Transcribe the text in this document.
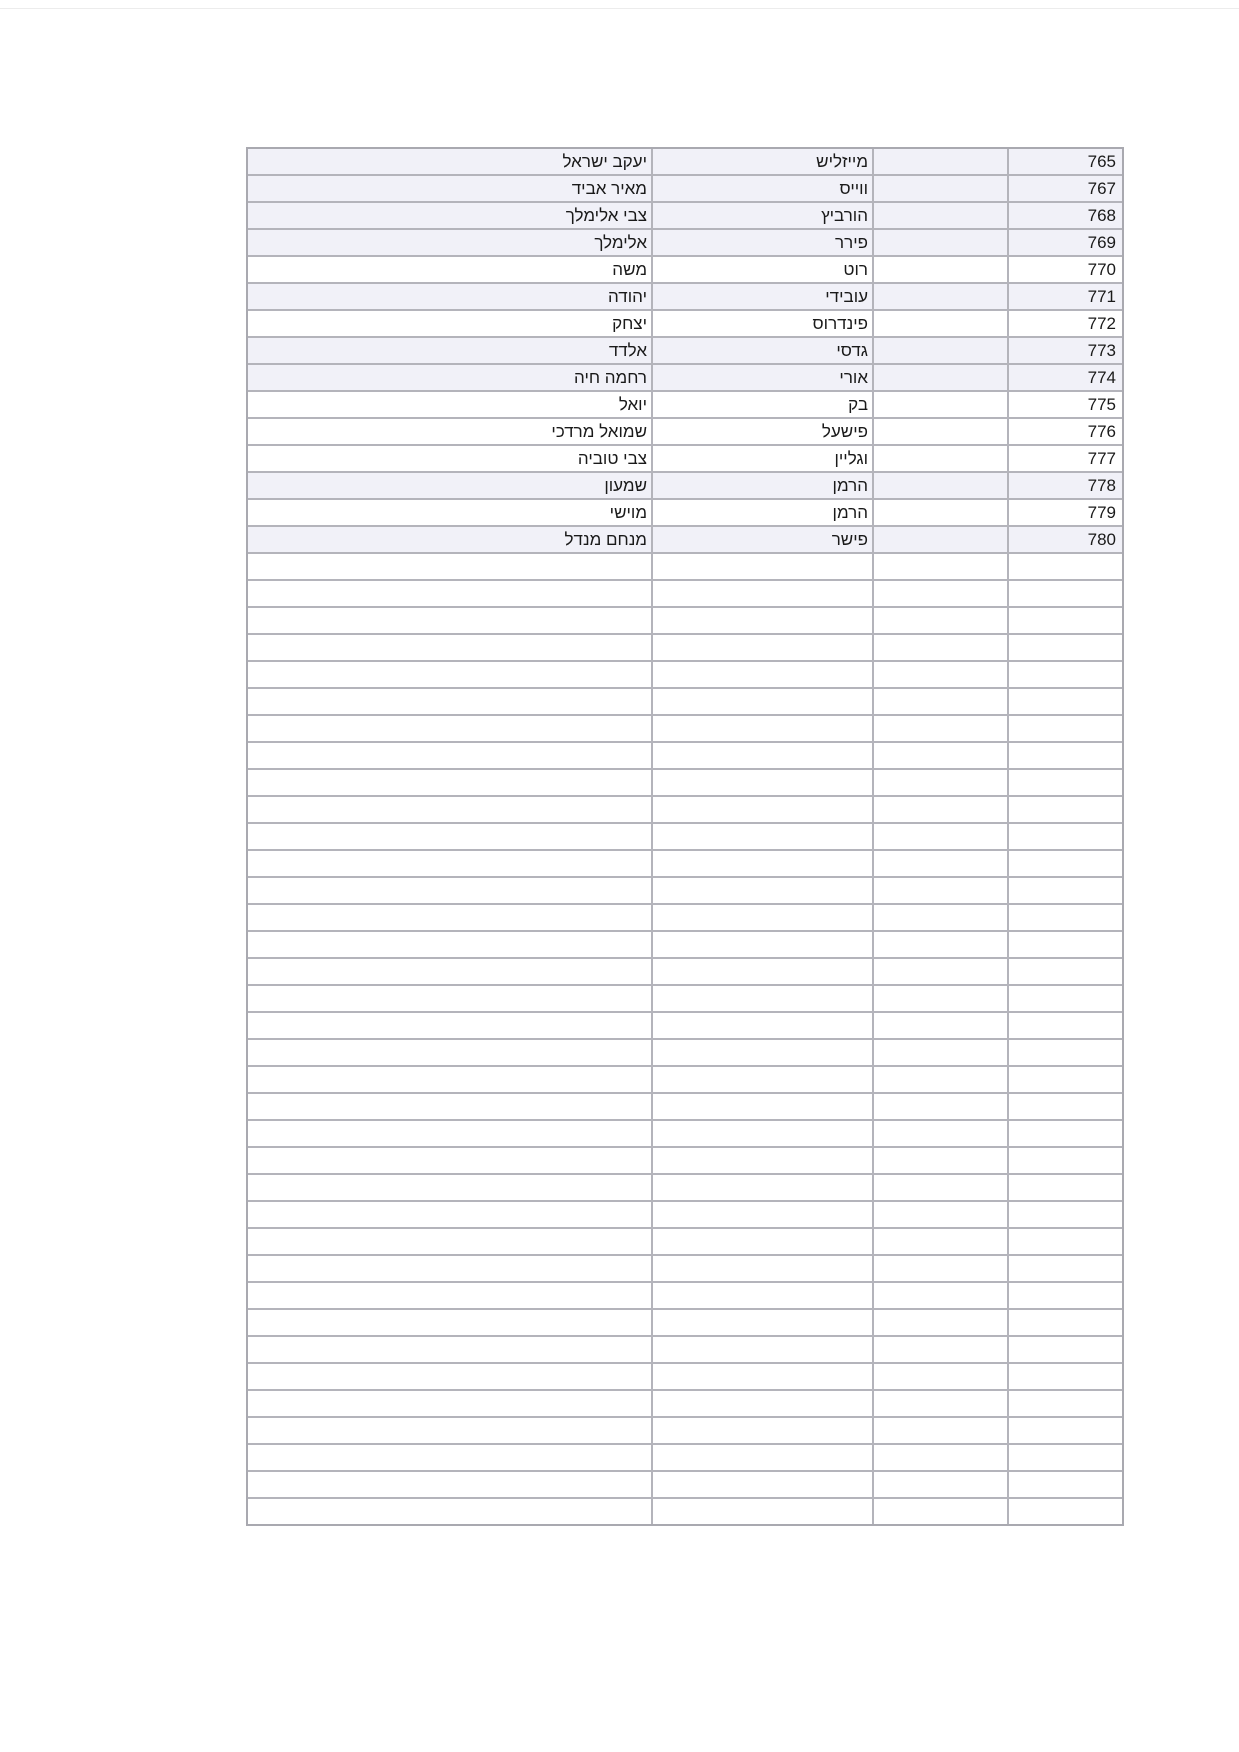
765		מייזליש	יעקב ישראל
767		ווייס	מאיר אביד
768		הורביץ	צבי אלימלך
769		פירר	אלימלך
770		רוט	משה
771		עובידי	יהודה
772		פינדרוס	יצחק
773		גדסי	אלדד
774		אורי	רחמה חיה
775		בק	יואל
776		פישעל	שמואל מרדכי
777		וגליין	צבי טוביה
778		הרמן	שמעון
779		הרמן	מוישי
780		פישר	מנחם מנדל
